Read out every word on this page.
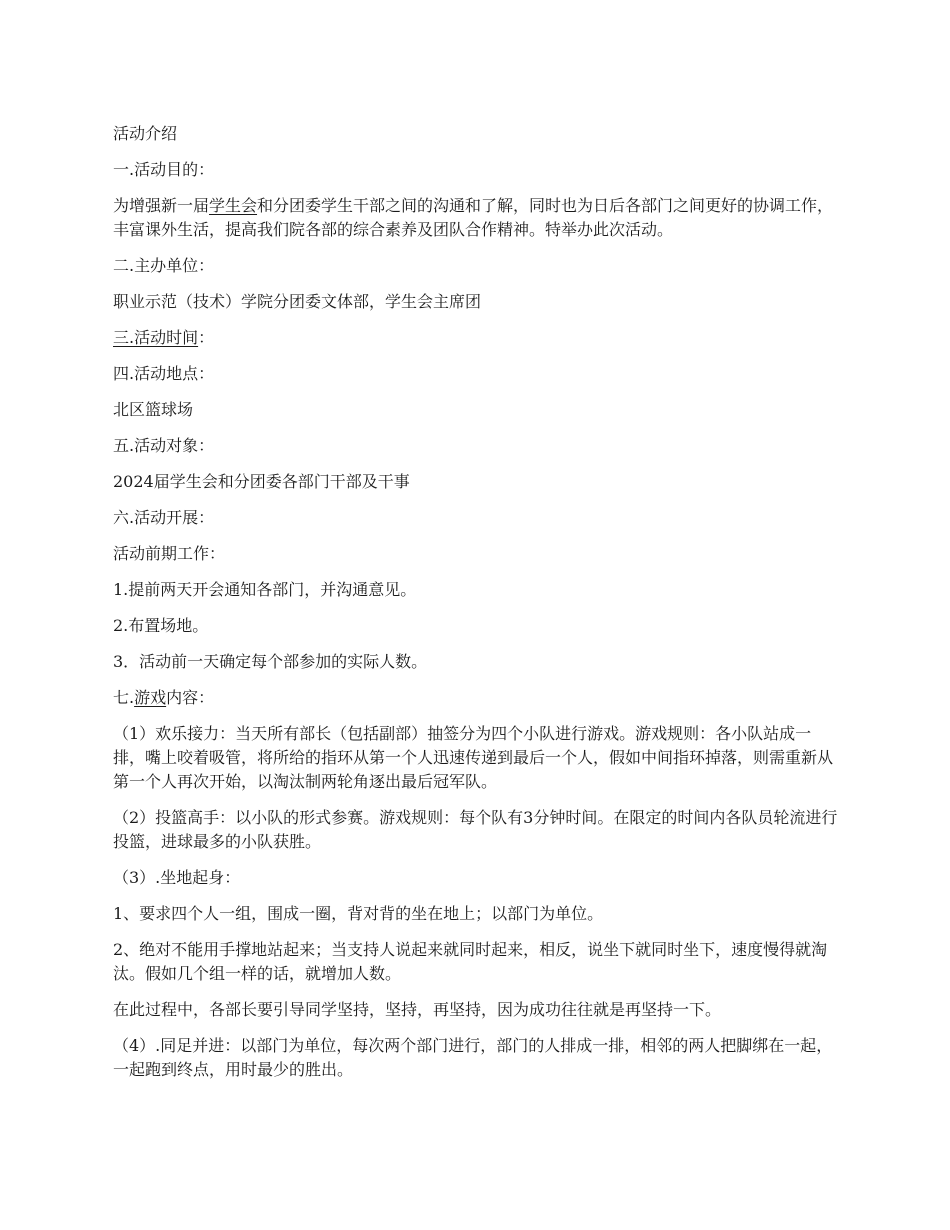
活动介绍

一.活动目的：

为增强新一届学生会和分团委学生干部之间的沟通和了解，同时也为日后各部门之间更好的协调工作，丰富课外生活，提高我们院各部的综合素养及团队合作精神。特举办此次活动。

二.主办单位：

职业示范（技术）学院分团委文体部，学生会主席团

三.活动时间：

四.活动地点：

北区篮球场

五.活动对象：

2024届学生会和分团委各部门干部及干事

六.活动开展：

活动前期工作：

1.提前两天开会通知各部门，并沟通意见。

2.布置场地。

3．活动前一天确定每个部参加的实际人数。

七.游戏内容：

（1）欢乐接力：当天所有部长（包括副部）抽签分为四个小队进行游戏。游戏规则：各小队站成一排，嘴上咬着吸管，将所给的指环从第一个人迅速传递到最后一个人，假如中间指环掉落，则需重新从第一个人再次开始，以淘汰制两轮角逐出最后冠军队。

（2）投篮高手：以小队的形式参赛。游戏规则：每个队有3分钟时间。在限定的时间内各队员轮流进行投篮，进球最多的小队获胜。

（3）.坐地起身：

1、要求四个人一组，围成一圈，背对背的坐在地上；以部门为单位。

2、绝对不能用手撑地站起来；当支持人说起来就同时起来，相反，说坐下就同时坐下，速度慢得就淘汰。假如几个组一样的话，就增加人数。

在此过程中，各部长要引导同学坚持，坚持，再坚持，因为成功往往就是再坚持一下。

（4）.同足并进：以部门为单位，每次两个部门进行，部门的人排成一排，相邻的两人把脚绑在一起，一起跑到终点，用时最少的胜出。
